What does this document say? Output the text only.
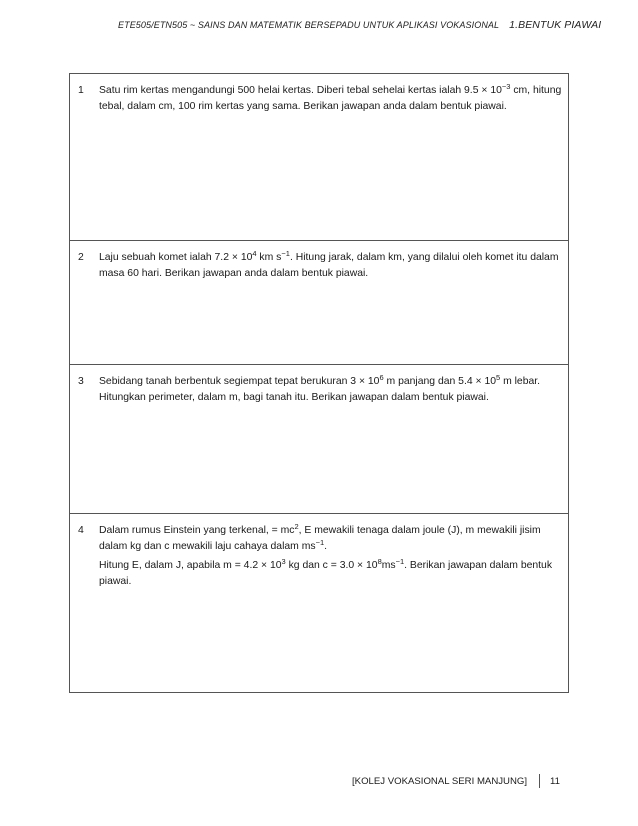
ETE505/ETN505 ~ SAINS DAN MATEMATIK BERSEPADU UNTUK APLIKASI VOKASIONAL 1.BENTUK PIAWAI
1	Satu rim kertas mengandungi 500 helai kertas. Diberi tebal sehelai kertas ialah $9.5 \times 10^{-3}$ cm, hitung tebal, dalam cm, 100 rim kertas yang sama. Berikan jawapan anda dalam bentuk piawai.

2	Laju sebuah komet ialah $7.2 \times 10^4$ km $s^{-1}$. Hitung jarak, dalam km, yang dilalui oleh komet itu dalam masa 60 hari. Berikan jawapan anda dalam bentuk piawai.

3	Sebidang tanah berbentuk segiempat tepat berukuran $3 \times 10^6$ m panjang dan $5.4 \times 10^5$ m lebar. Hitungkan perimeter, dalam m, bagi tanah itu. Berikan jawapan dalam bentuk piawai.

4	Dalam rumus Einstein yang terkenal, = $mc^2$, E mewakili tenaga dalam joule (J), m mewakili jisim dalam kg dan c mewakili laju cahaya dalam $ms^{-1}$.

Hitung E, dalam J, apabila $m = 4.2 \times 10^3$ kg dan $c = 3.0 \times 10^8ms^{-1}$. Berikan jawapan dalam bentuk piawai.

[KOLEJ VOKASIONAL SERI MANJUNG] 11
